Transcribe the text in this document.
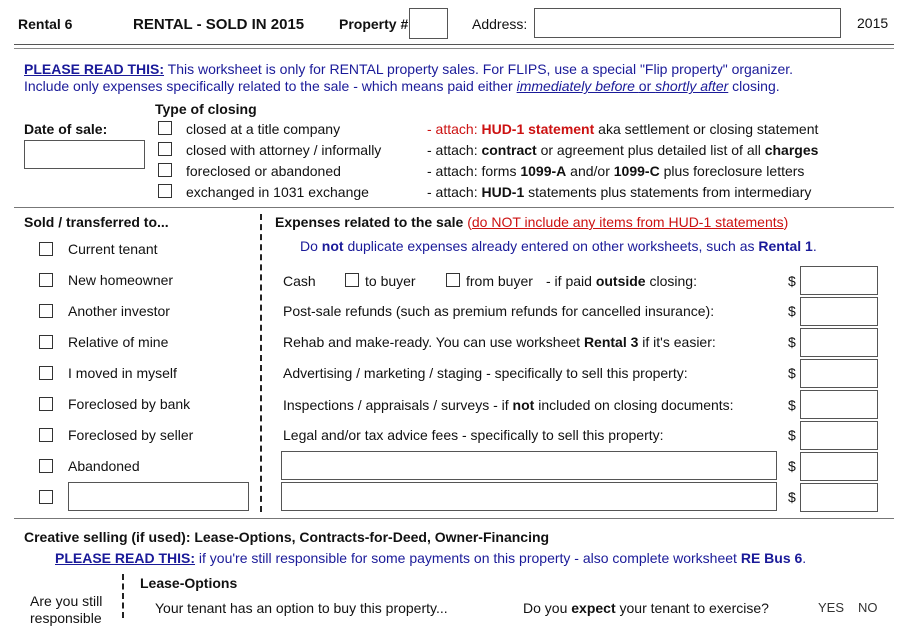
Rental 6	RENTAL - SOLD IN 2015 Property #	Address:	2015
PLEASE READ THIS: This worksheet is only for RENTAL property sales. For FLIPS, use a special "Flip property" organizer.
Include only expenses specifically related to the sale - which means paid either immediately before or shortly after closing.
Date of sale:
Type of closing
closed at a title company	- attach: HUD-1 statement aka settlement or closing statement
closed with attorney / informally	- attach: contract or agreement plus detailed list of all charges
foreclosed or abandoned	- attach: forms 1099-A and/or 1099-C plus foreclosure letters
exchanged in 1031 exchange	- attach: HUD-1 statements plus statements from intermediary
Sold / transferred to...
Current tenant
New homeowner
Another investor
Relative of mine
I moved in myself
Foreclosed by bank
Foreclosed by seller
Abandoned
Expenses related to the sale (do NOT include any items from HUD-1 statements)
Do not duplicate expenses already entered on other worksheets, such as Rental 1.
Cash	to buyer	from buyer - if paid outside closing:	$
Post-sale refunds (such as premium refunds for cancelled insurance):	$
Rehab and make-ready. You can use worksheet Rental 3 if it's easier:	$
Advertising / marketing / staging - specifically to sell this property:	$
Inspections / appraisals / surveys - if not included on closing documents:	$
Legal and/or tax advice fees - specifically to sell this property:	$
$
$
Creative selling (if used): Lease-Options, Contracts-for-Deed, Owner-Financing
PLEASE READ THIS: if you're still responsible for some payments on this property - also complete worksheet RE Bus 6.
Are you still responsible
Lease-Options
Your tenant has an option to buy this property...	Do you expect your tenant to exercise?	YES NO
